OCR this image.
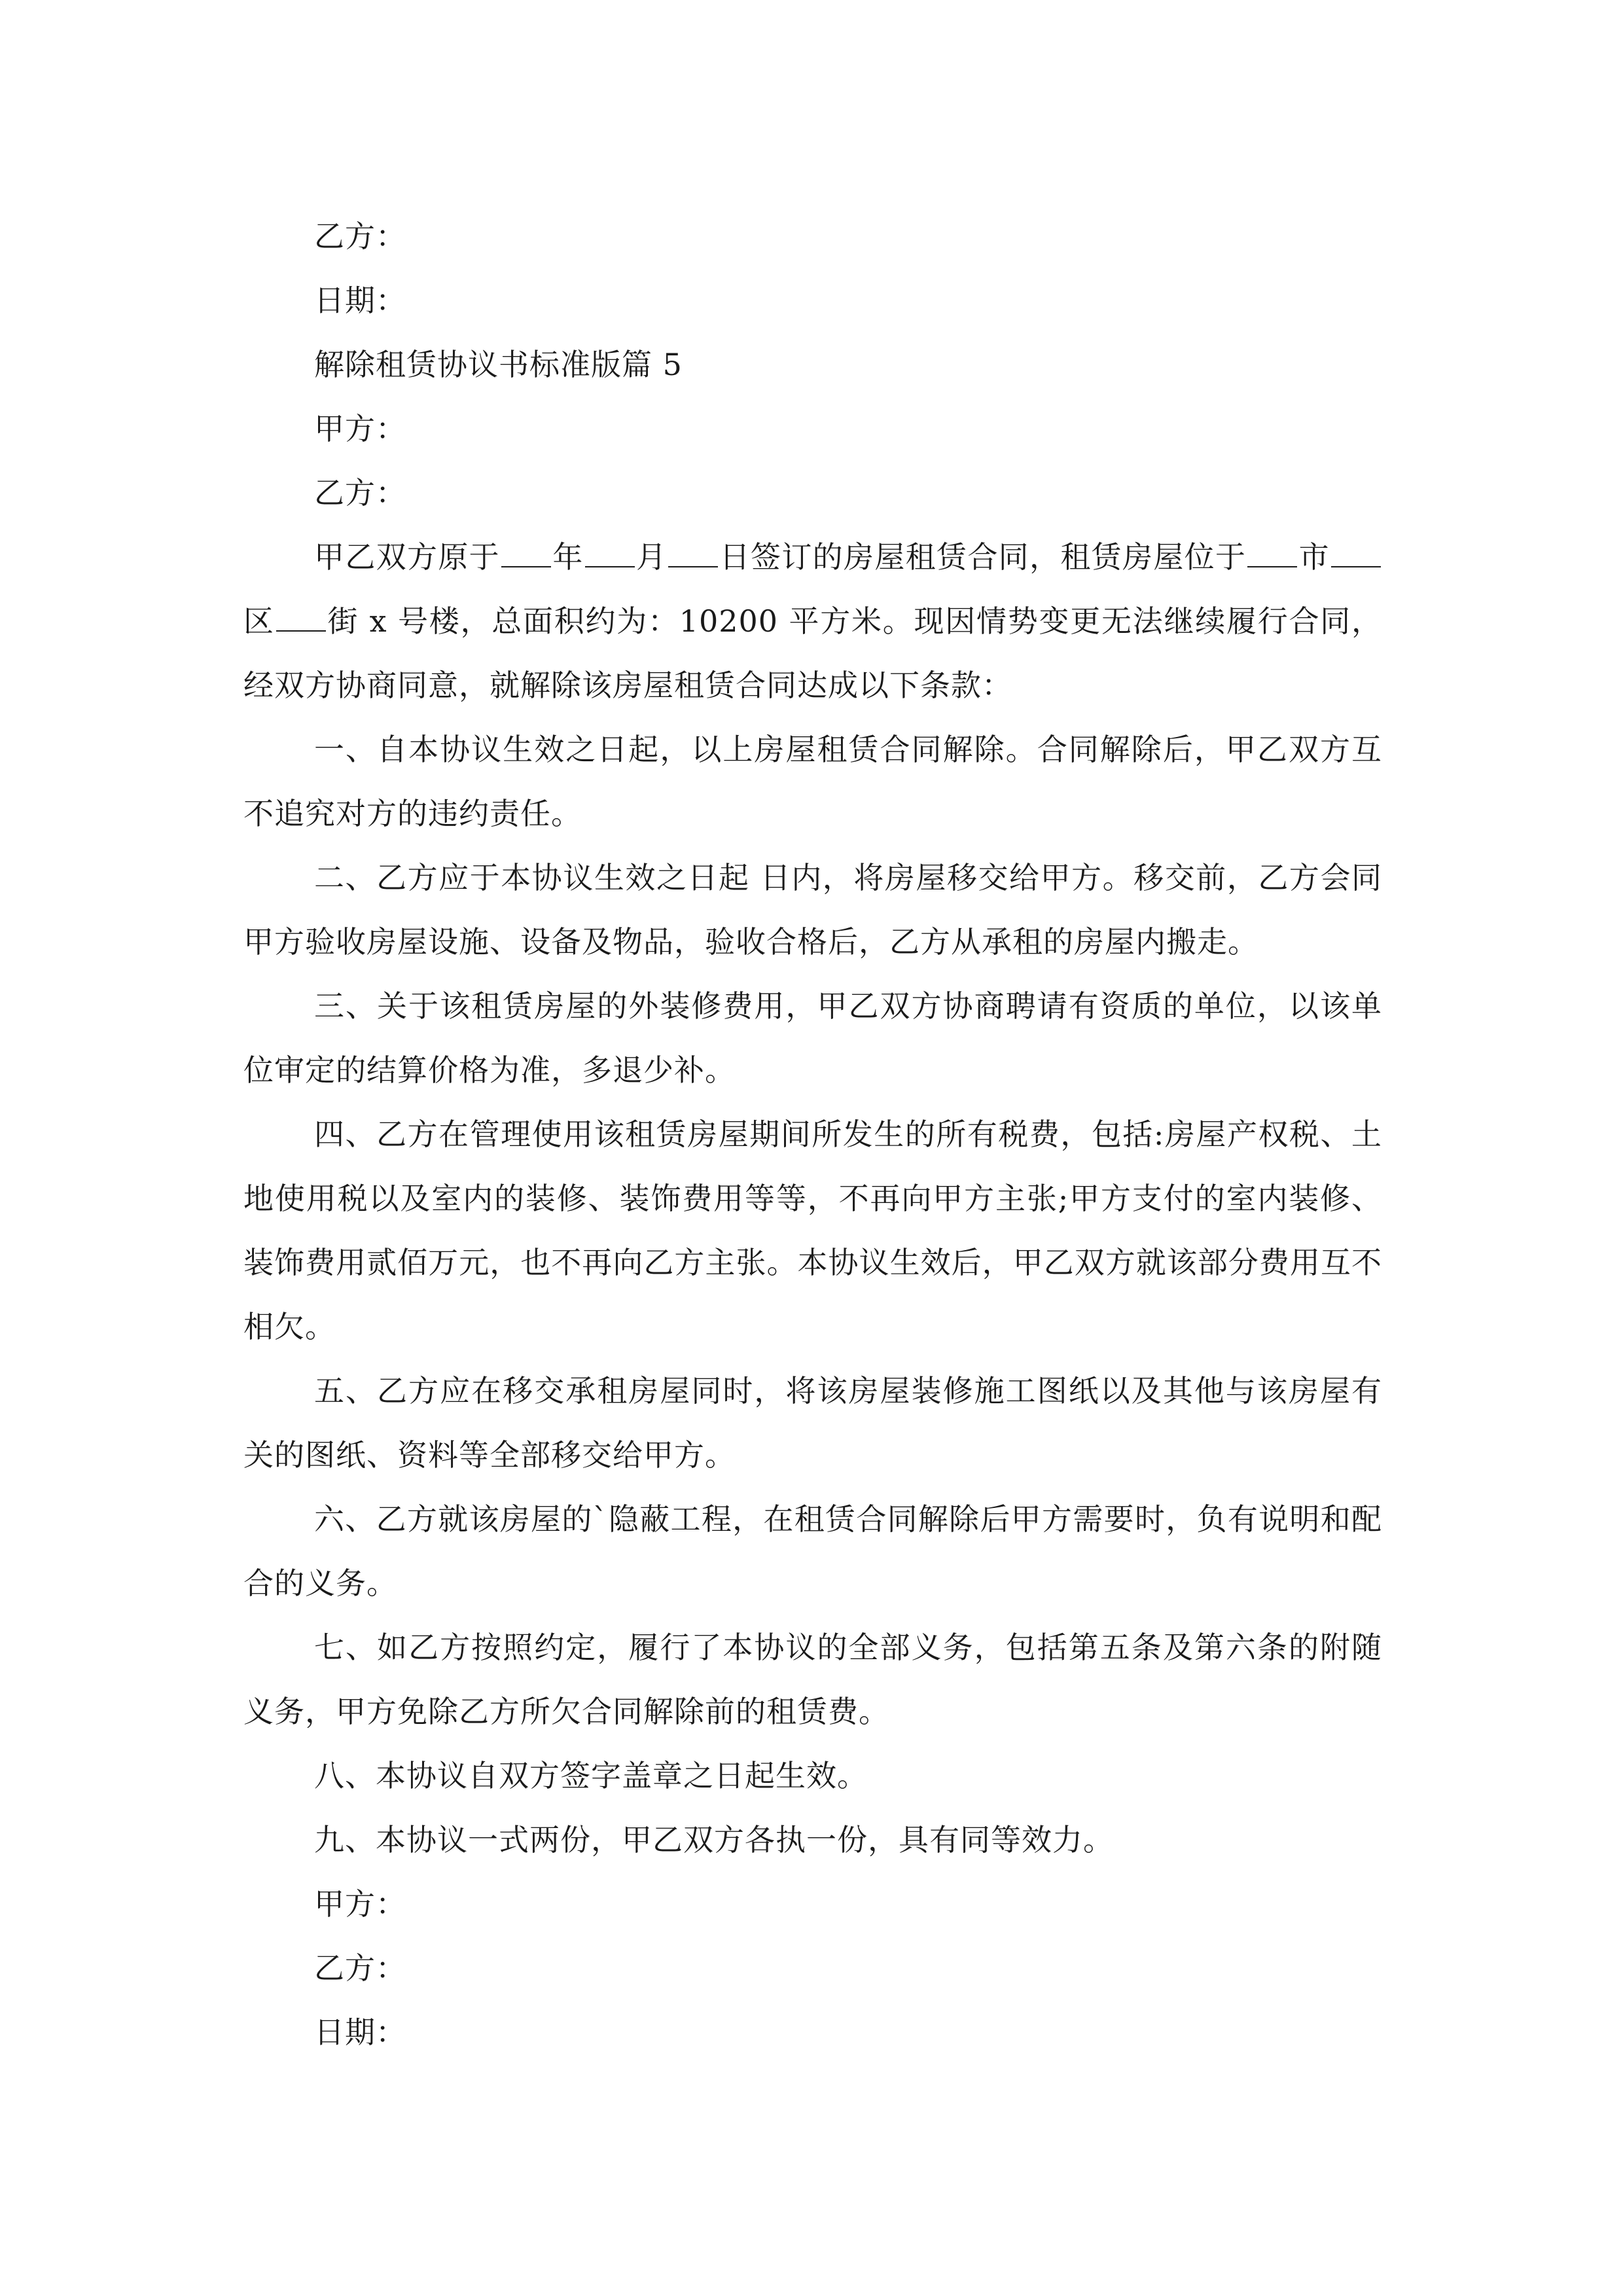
乙方：

日期：

解除租赁协议书标准版篇 5

甲方：

乙方：

甲乙双方原于 年 月 日签订的房屋租赁合同，租赁房屋位于 市区 街 x 号楼，总面积约为：10200 平方米。现因情势变更无法继续履行合同，经双方协商同意，就解除该房屋租赁合同达成以下条款：

一、自本协议生效之日起，以上房屋租赁合同解除。合同解除后，甲乙双方互不追究对方的违约责任。

二、乙方应于本协议生效之日起 日内，将房屋移交给甲方。移交前，乙方会同甲方验收房屋设施、设备及物品，验收合格后，乙方从承租的房屋内搬走。

三、关于该租赁房屋的外装修费用，甲乙双方协商聘请有资质的单位，以该单位审定的结算价格为准，多退少补。

四、乙方在管理使用该租赁房屋期间所发生的所有税费，包括:房屋产权税、土地使用税以及室内的装修、装饰费用等等，不再向甲方主张;甲方支付的室内装修、装饰费用贰佰万元，也不再向乙方主张。本协议生效后，甲乙双方就该部分费用互不相欠。

五、乙方应在移交承租房屋同时，将该房屋装修施工图纸以及其他与该房屋有关的图纸、资料等全部移交给甲方。

六、乙方就该房屋的`隐蔽工程，在租赁合同解除后甲方需要时，负有说明和配合的义务。

七、如乙方按照约定，履行了本协议的全部义务，包括第五条及第六条的附随义务，甲方免除乙方所欠合同解除前的租赁费。

八、本协议自双方签字盖章之日起生效。

九、本协议一式两份，甲乙双方各执一份，具有同等效力。

甲方：

乙方：

日期：
